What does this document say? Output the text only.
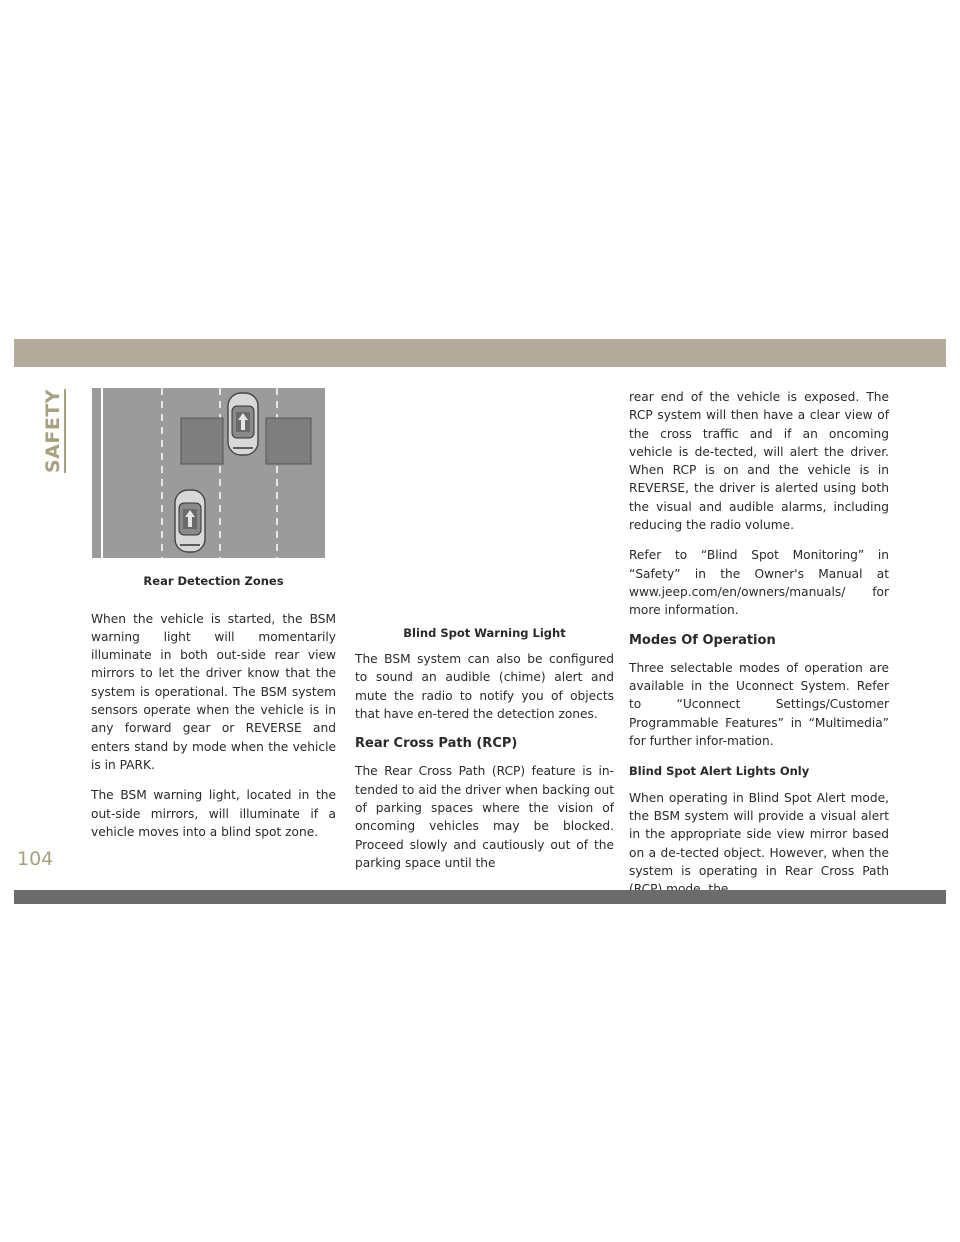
SAFETY
Rear Detection Zones

When the vehicle is started, the BSM warning light will momentarily illuminate in both out-side rear view mirrors to let the driver know that the system is operational. The BSM system sensors operate when the vehicle is in any forward gear or REVERSE and enters stand by mode when the vehicle is in PARK.

The BSM warning light, located in the out-side mirrors, will illuminate if a vehicle moves into a blind spot zone.

Blind Spot Warning Light

The BSM system can also be configured to sound an audible (chime) alert and mute the radio to notify you of objects that have en-tered the detection zones.

Rear Cross Path (RCP)

The Rear Cross Path (RCP) feature is in-tended to aid the driver when backing out of parking spaces where the vision of oncoming vehicles may be blocked. Proceed slowly and cautiously out of the parking space until the

rear end of the vehicle is exposed. The RCP system will then have a clear view of the cross traffic and if an oncoming vehicle is de-tected, will alert the driver. When RCP is on and the vehicle is in REVERSE, the driver is alerted using both the visual and audible alarms, including reducing the radio volume.

Refer to “Blind Spot Monitoring” in “Safety” in the Owner's Manual at www.jeep.com/en/owners/manuals/ for more information.

Modes Of Operation

Three selectable modes of operation are available in the Uconnect System. Refer to “Uconnect Settings/Customer Programmable Features” in “Multimedia” for further infor-mation.

Blind Spot Alert Lights Only

When operating in Blind Spot Alert mode, the BSM system will provide a visual alert in the appropriate side view mirror based on a de-tected object. However, when the system is operating in Rear Cross Path

104
